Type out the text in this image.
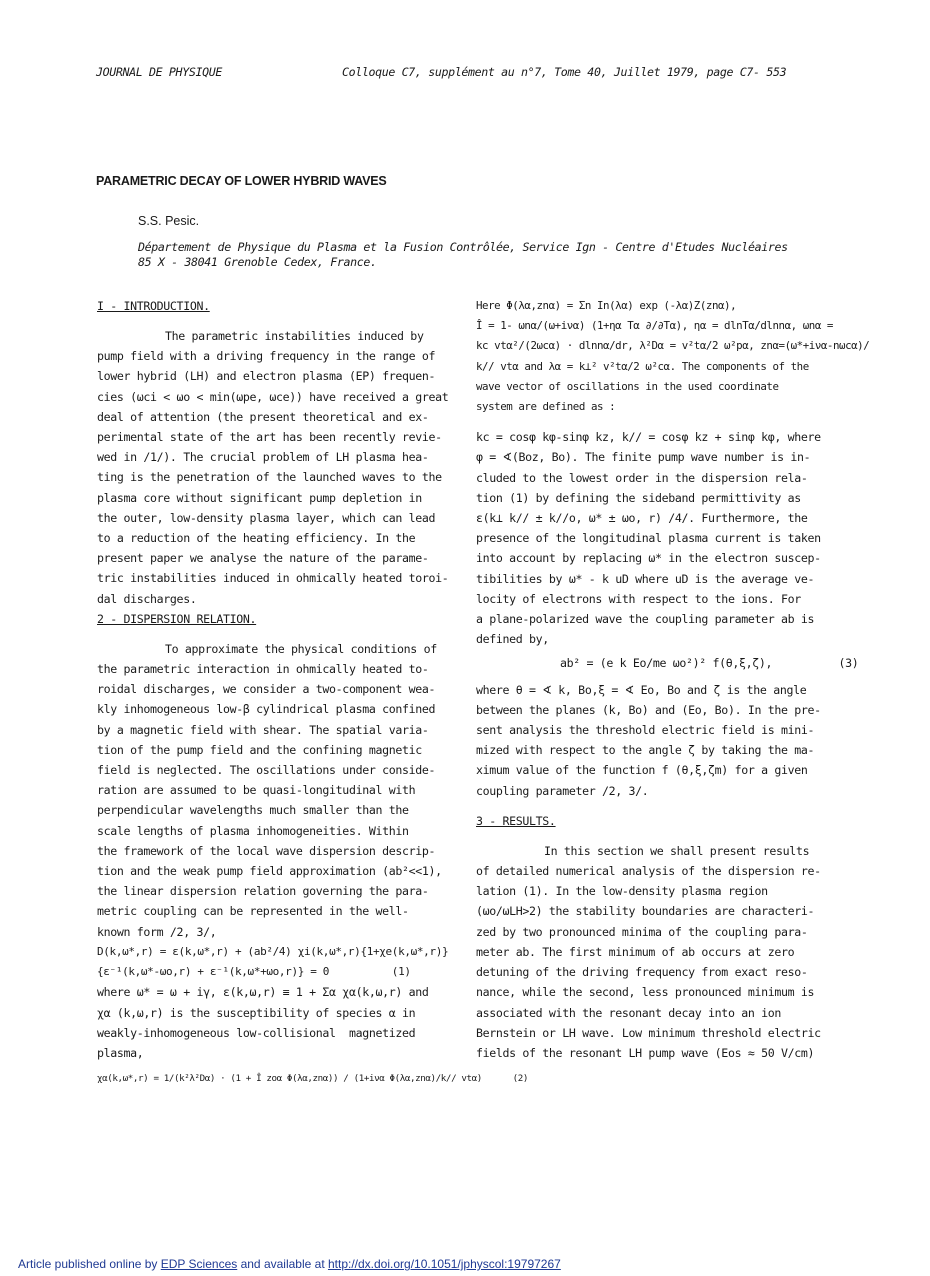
JOURNAL DE PHYSIQUE	Colloque C7, supplément au n°7, Tome 40, Juillet 1979, page C7- 553
PARAMETRIC DECAY OF LOWER HYBRID WAVES
S.S. Pesic.
Département de Physique du Plasma et la Fusion Contrôlée, Service Ign - Centre d'Etudes Nucléaires
85 X - 38041 Grenoble Cedex, France.
I - INTRODUCTION.
The parametric instabilities induced by
pump field with a driving frequency in the range of
lower hybrid (LH) and electron plasma (EP) frequen-
cies (ωci < ωo < min(ωpe, ωce)) have received a great
deal of attention (the present theoretical and ex-
perimental state of the art has been recently revie-
wed in /1/). The crucial problem of LH plasma hea-
ting is the penetration of the launched waves to the
plasma core without significant pump depletion in
the outer, low-density plasma layer, which can lead
to a reduction of the heating efficiency. In the
present paper we analyse the nature of the parame-
tric instabilities induced in ohmically heated toroi-
dal discharges.
2 - DISPERSION RELATION.
To approximate the physical conditions of
the parametric interaction in ohmically heated to-
roidal discharges, we consider a two-component wea-
kly inhomogeneous low-β cylindrical plasma confined
by a magnetic field with shear. The spatial varia-
tion of the pump field and the confining magnetic
field is neglected. The oscillations under conside-
ration are assumed to be quasi-longitudinal with
perpendicular wavelengths much smaller than the
scale lengths of plasma inhomogeneities. Within
the framework of the local wave dispersion descrip-
tion and the weak pump field approximation (ab²<<1),
the linear dispersion relation governing the para-
metric coupling can be represented in the well-
known form /2, 3/,
D(k,ω*,r) = ε(k,ω*,r) + (ab²/4) χi(k,ω*,r){1+χe(k,ω*,r)}
{ε⁻¹(k,ω*-ωo,r) + ε⁻¹(k,ω*+ωo,r)} = 0          (1)
where ω* = ω + iγ, ε(k,ω,r) ≡ 1 + Σα χα(k,ω,r) and
χα (k,ω,r) is the susceptibility of species α in
weakly-inhomogeneous low-collisional  magnetized
plasma,
χα(k,ω*,r) = 1/(k²λ²Dα) · (1 + Î zoα Φ(λα,znα)) / (1+iνα Φ(λα,znα)/k// vtα)      (2)
Here Φ(λα,znα) = Σn In(λα) exp (-λα)Z(znα),
Î = 1- ωnα/(ω+iνα) (1+ηα Tα ∂/∂Tα), ηα = dlnTα/dlnnα, ωnα =
kc vtα²/(2ωcα) · dlnnα/dr, λ²Dα = v²tα/2 ω²pα, znα=(ω*+iνα-nωcα)/
k// vtα and λα = k⊥² v²tα/2 ω²cα. The components of the
wave vector of oscillations in the used coordinate
system are defined as :
kc = cosφ kφ-sinφ kz, k// = cosφ kz + sinφ kφ, where
φ = ∢(Boz, Bo). The finite pump wave number is in-
cluded to the lowest order in the dispersion rela-
tion (1) by defining the sideband permittivity as
ε(k⊥ k// ± k//o, ω* ± ωo, r) /4/. Furthermore, the
presence of the longitudinal plasma current is taken
into account by replacing ω* in the electron suscep-
tibilities by ω* - k uD where uD is the average ve-
locity of electrons with respect to the ions. For
a plane-polarized wave the coupling parameter ab is
defined by,
ab² = (e k Eo/me ωo²)² f(θ,ξ,ζ),          (3)
where θ = ∢ k, Bo,ξ = ∢ Eo, Bo and ζ is the angle
between the planes (k, Bo) and (Eo, Bo). In the pre-
sent analysis the threshold electric field is mini-
mized with respect to the angle ζ by taking the ma-
ximum value of the function f (θ,ξ,ζm) for a given
coupling parameter /2, 3/.
3 - RESULTS.
In this section we shall present results
of detailed numerical analysis of the dispersion re-
lation (1). In the low-density plasma region
(ωo/ωLH>2) the stability boundaries are characteri-
zed by two pronounced minima of the coupling para-
meter ab. The first minimum of ab occurs at zero
detuning of the driving frequency from exact reso-
nance, while the second, less pronounced minimum is
associated with the resonant decay into an ion
Bernstein or LH wave. Low minimum threshold electric
fields of the resonant LH pump wave (Eos ≈ 50 V/cm)
Article published online by EDP Sciences and available at http://dx.doi.org/10.1051/jphyscol:19797267
